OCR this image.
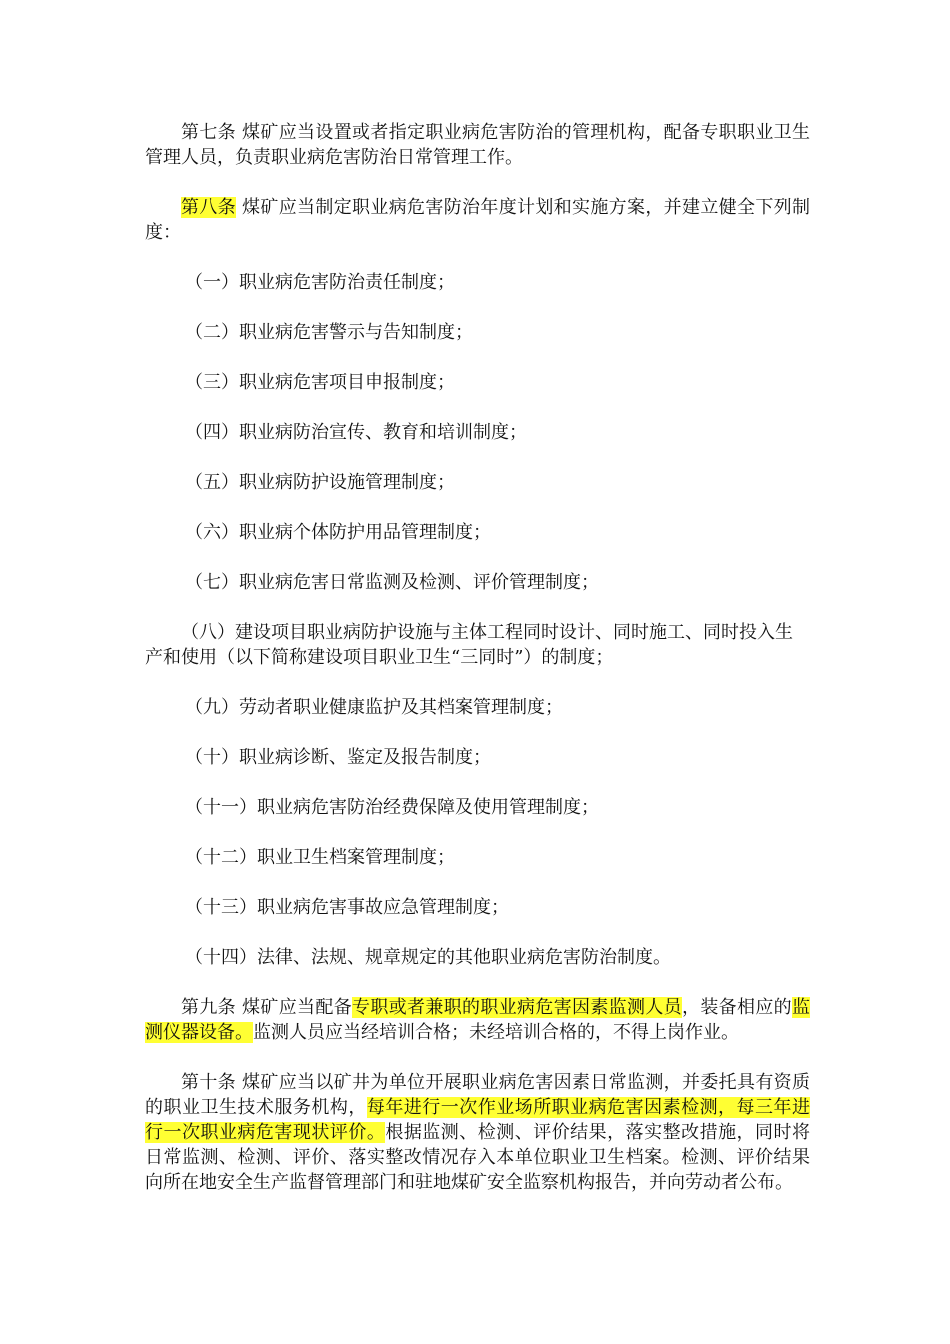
第七条 煤矿应当设置或者指定职业病危害防治的管理机构，配备专职职业卫生管理人员，负责职业病危害防治日常管理工作。

第八条 煤矿应当制定职业病危害防治年度计划和实施方案，并建立健全下列制度：

（一）职业病危害防治责任制度；

（二）职业病危害警示与告知制度；

（三）职业病危害项目申报制度；

（四）职业病防治宣传、教育和培训制度；

（五）职业病防护设施管理制度；

（六）职业病个体防护用品管理制度；

（七）职业病危害日常监测及检测、评价管理制度；

（八）建设项目职业病防护设施与主体工程同时设计、同时施工、同时投入生产和使用（以下简称建设项目职业卫生“三同时”）的制度；

（九）劳动者职业健康监护及其档案管理制度；

（十）职业病诊断、鉴定及报告制度；

（十一）职业病危害防治经费保障及使用管理制度；

（十二）职业卫生档案管理制度；

（十三）职业病危害事故应急管理制度；

（十四）法律、法规、规章规定的其他职业病危害防治制度。

第九条 煤矿应当配备专职或者兼职的职业病危害因素监测人员，装备相应的监测仪器设备。监测人员应当经培训合格；未经培训合格的，不得上岗作业。

第十条 煤矿应当以矿井为单位开展职业病危害因素日常监测，并委托具有资质的职业卫生技术服务机构，每年进行一次作业场所职业病危害因素检测，每三年进行一次职业病危害现状评价。根据监测、检测、评价结果，落实整改措施，同时将日常监测、检测、评价、落实整改情况存入本单位职业卫生档案。检测、评价结果向所在地安全生产监督管理部门和驻地煤矿安全监察机构报告，并向劳动者公布。
